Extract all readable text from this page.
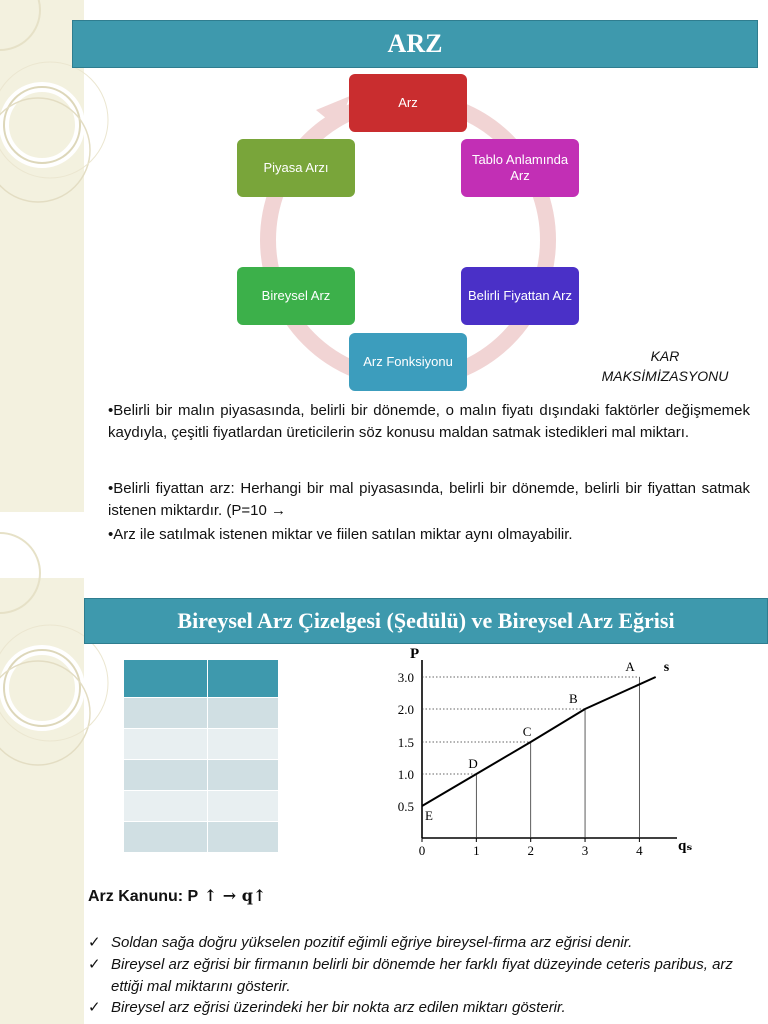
ARZ
Arz
Tablo Anlamında Arz
Belirli Fiyattan Arz
Arz Fonksiyonu
Bireysel Arz
Piyasa Arzı
KAR
MAKSİMİZASYONU
•Belirli bir malın piyasasında, belirli bir dönemde, o malın fiyatı dışındaki faktörler değişmemek kaydıyla, çeşitli fiyatlardan üreticilerin söz konusu maldan satmak istedikleri mal miktarı.
•Belirli fiyattan arz: Herhangi bir mal piyasasında, belirli bir dönemde, belirli bir fiyattan satmak istenen miktardır. (P=10 →
•Arz ile satılmak istenen miktar ve fiilen satılan miktar aynı olmayabilir.
Bireysel Arz Çizelgesi (Şedülü) ve Bireysel Arz Eğrisi

P
qₛ
0.5
1.0
1.5
2.0
3.0
0	1	2	3	4
E
D
C
B
A s
Arz Kanunu: P ↑ → q↑
✓ Soldan sağa doğru yükselen pozitif eğimli eğriye bireysel-firma arz eğrisi denir.
✓ Bireysel arz eğrisi bir firmanın belirli bir dönemde her farklı fiyat düzeyinde ceteris paribus, arz ettiği mal miktarını gösterir.
✓ Bireysel arz eğrisi üzerindeki her bir nokta arz edilen miktarı gösterir.
